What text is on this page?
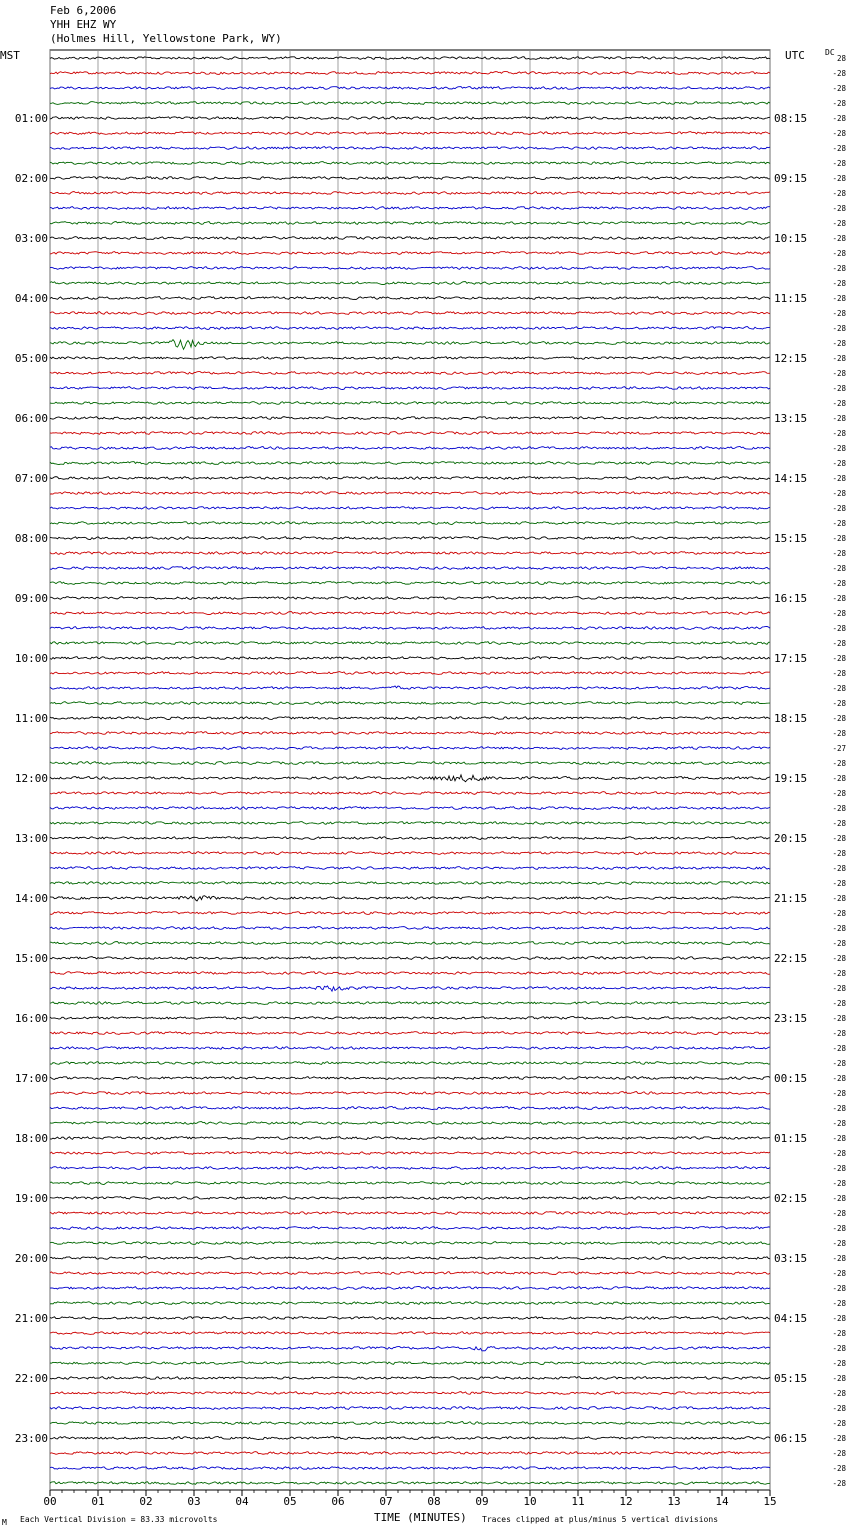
00	01	02	03	04	05	06	07	08	09	10	11	12	13	14	15
28
-28
-28
-28
-28
-28
-28
-28
-28
-28
-28
-28
-28
-28
-28
-28
-28
-28
-28
-28
-28
-28
-28
-28
-28
-28
-28
-28
-28
-28
-28
-28
-28
-28
-28
-28
-28
-28
-28
-28
-28
-28
-28
-28
-28
-28
-27
-28
-28
-28
-28
-28
-28
-28
-28
-28
-28
-28
-28
-28
-28
-28
-28
-28
-28
-28
-28
-28
-28
-28
-28
-28
-28
-28
-28
-28
-28
-28
-28
-28
-28
-28
-28
-28
-28
-28
-28
-28
-28
-28
-28
-28
-28
-28
-28
-28
01:00
02:00
03:00
04:00
05:00
06:00
07:00
08:00
09:00
10:00
11:00
12:00
13:00
14:00
15:00
16:00
17:00
18:00
19:00
20:00
21:00
22:00
23:00
08:15
09:15
10:15
11:15
12:15
13:15
14:15
15:15
16:15
17:15
18:15
19:15
20:15
21:15
22:15
23:15
00:15
01:15
02:15
03:15
04:15
05:15
06:15
Feb 6,2006
YHH EHZ WY
(Holmes Hill, Yellowstone Park, WY)
MST	UTC	DC
TIME (MINUTES)
M Each Vertical Division = 83.33 microvolts	Traces clipped at plus/minus 5 vertical divisions
